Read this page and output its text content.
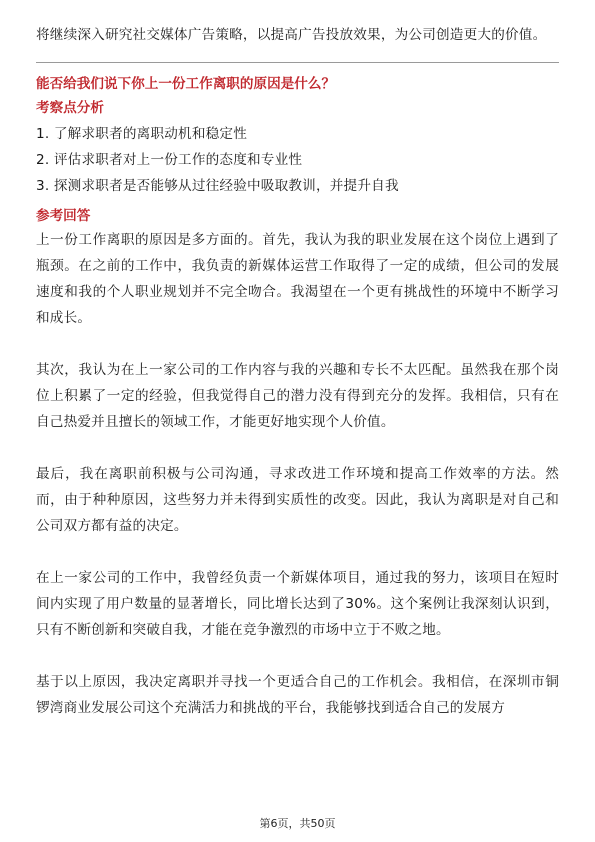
将继续深入研究社交媒体广告策略，以提高广告投放效果，为公司创造更大的价值。

能否给我们说下你上一份工作离职的原因是什么？

考察点分析

1. 了解求职者的离职动机和稳定性
2. 评估求职者对上一份工作的态度和专业性
3. 探测求职者是否能够从过往经验中吸取教训，并提升自我

参考回答

上一份工作离职的原因是多方面的。首先，我认为我的职业发展在这个岗位上遇到了瓶颈。在之前的工作中，我负责的新媒体运营工作取得了一定的成绩，但公司的发展速度和我的个人职业规划并不完全吻合。我渴望在一个更有挑战性的环境中不断学习和成长。

其次，我认为在上一家公司的工作内容与我的兴趣和专长不太匹配。虽然我在那个岗位上积累了一定的经验，但我觉得自己的潜力没有得到充分的发挥。我相信，只有在自己热爱并且擅长的领域工作，才能更好地实现个人价值。

最后，我在离职前积极与公司沟通，寻求改进工作环境和提高工作效率的方法。然而，由于种种原因，这些努力并未得到实质性的改变。因此，我认为离职是对自己和公司双方都有益的决定。

在上一家公司的工作中，我曾经负责一个新媒体项目，通过我的努力，该项目在短时间内实现了用户数量的显著增长，同比增长达到了30%。这个案例让我深刻认识到，只有不断创新和突破自我，才能在竞争激烈的市场中立于不败之地。

基于以上原因，我决定离职并寻找一个更适合自己的工作机会。我相信，在深圳市铜锣湾商业发展公司这个充满活力和挑战的平台，我能够找到适合自己的发展方

第6页，共50页
